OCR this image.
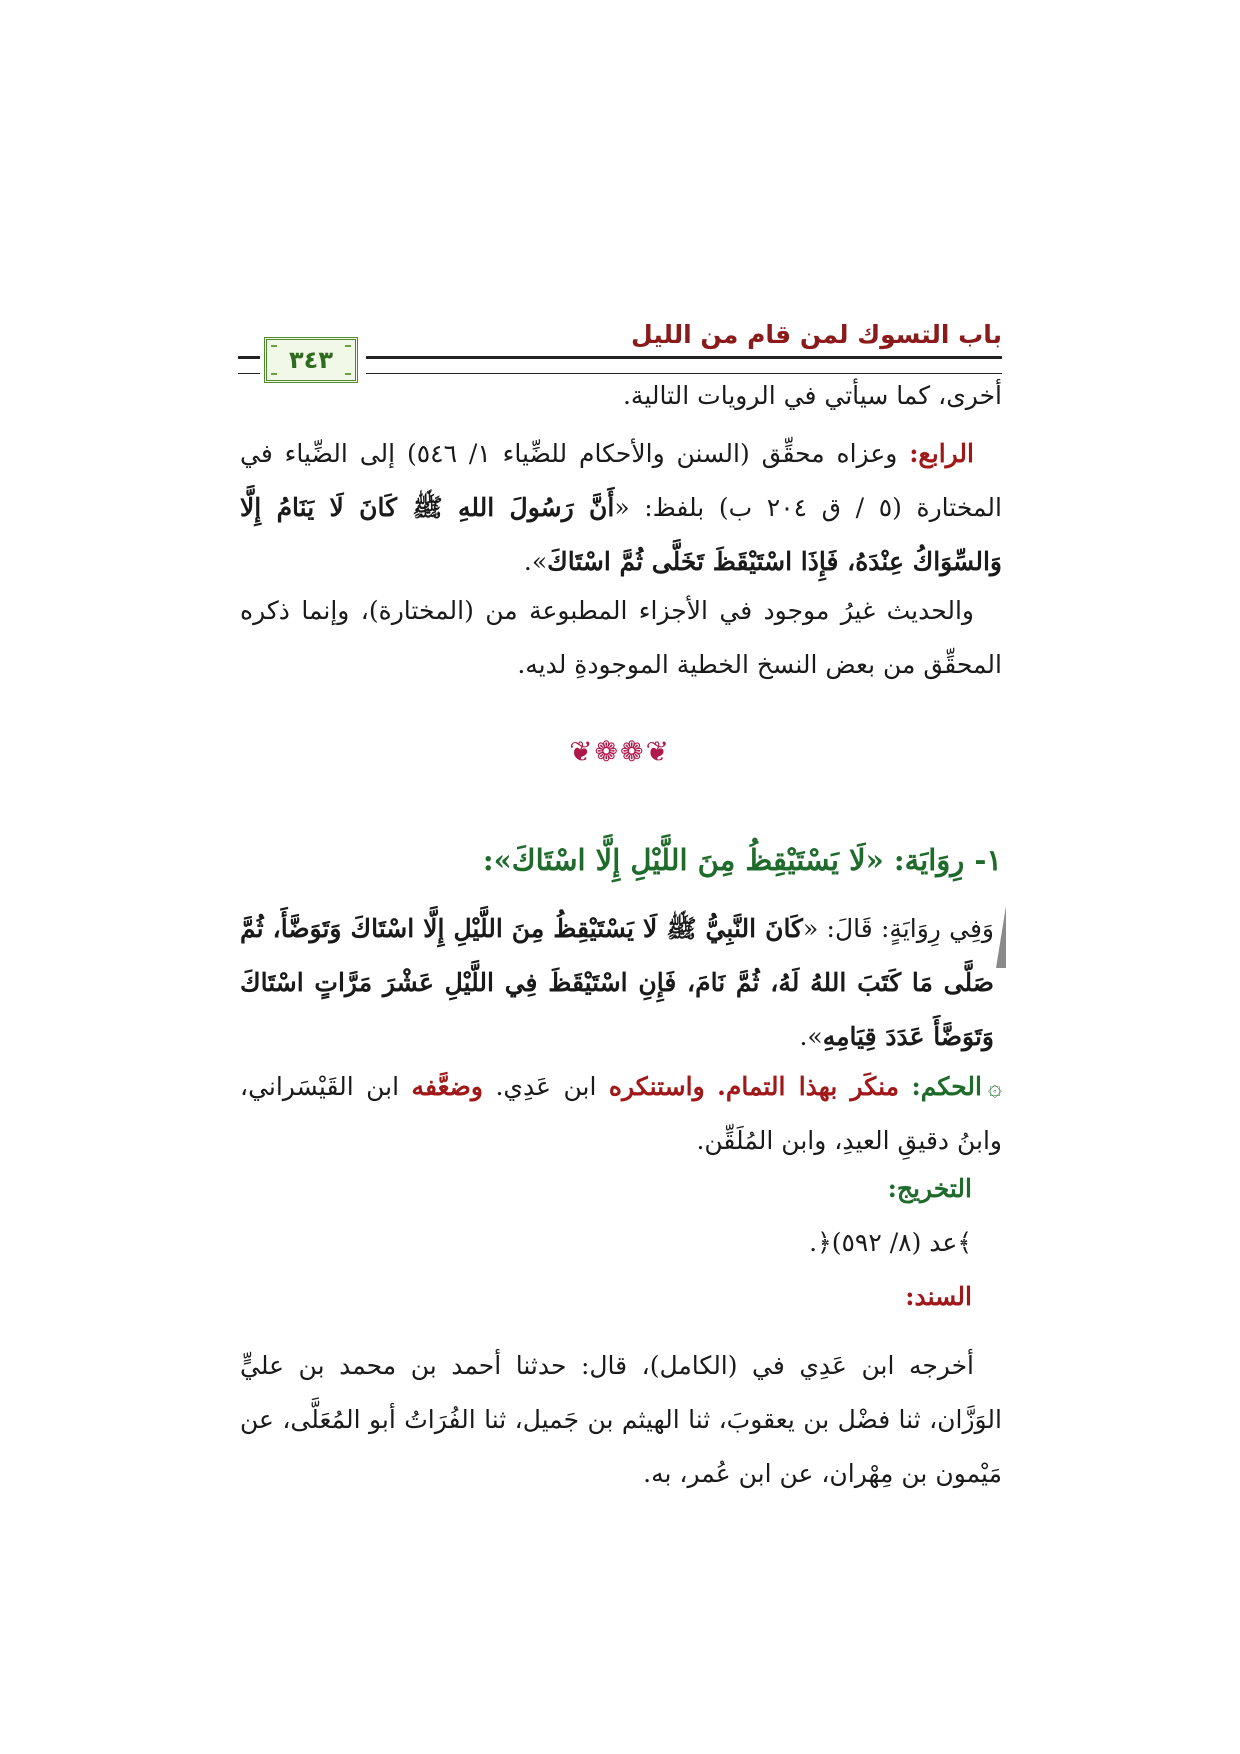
باب التسوك لمن قام من الليل
٣٤٣
أخرى، كما سيأتي في الرويات التالية.
الرابع: وعزاه محقِّق (السنن والأحكام للضِّياء ١/ ٥٤٦) إلى الضِّياء في المختارة (٥ / ق ٢٠٤ ب) بلفظ: «أَنَّ رَسُولَ اللهِ ﷺ كَانَ لَا يَنَامُ إِلَّا وَالسِّوَاكُ عِنْدَهُ، فَإِذَا اسْتَيْقَظَ تَخَلَّى ثُمَّ اسْتَاكَ».
والحديث غيرُ موجود في الأجزاء المطبوعة من (المختارة)، وإنما ذكره المحقِّق من بعض النسخ الخطية الموجودةِ لديه.
❦❁❁❦
١- رِوَايَة: «لَا يَسْتَيْقِظُ مِنَ اللَّيْلِ إِلَّا اسْتَاكَ»:
وَفِي رِوَايَةٍ: قَالَ: «كَانَ النَّبِيُّ ﷺ لَا يَسْتَيْقِظُ مِنَ اللَّيْلِ إِلَّا اسْتَاكَ وَتَوَضَّأَ، ثُمَّ صَلَّى مَا كَتَبَ اللهُ لَهُ، ثُمَّ نَامَ، فَإِنِ اسْتَيْقَظَ فِي اللَّيْلِ عَشْرَ مَرَّاتٍ اسْتَاكَ وَتَوَضَّأَ عَدَدَ قِيَامِهِ».
۞الحكم: منكَر بهذا التمام. واستنكره ابن عَدِي. وضعَّفه ابن القَيْسَراني، وابنُ دقيقِ العيدِ، وابن المُلَقِّن.
التخريج:
﴾عد (٨/ ٥٩٢)﴿.
السند:
أخرجه ابن عَدِي في (الكامل)، قال: حدثنا أحمد بن محمد بن عليٍّ الوَزَّان، ثنا فضْل بن يعقوبَ، ثنا الهيثم بن جَميل، ثنا الفُرَاتُ أبو المُعَلَّى، عن مَيْمون بن مِهْران، عن ابن عُمر، به.
